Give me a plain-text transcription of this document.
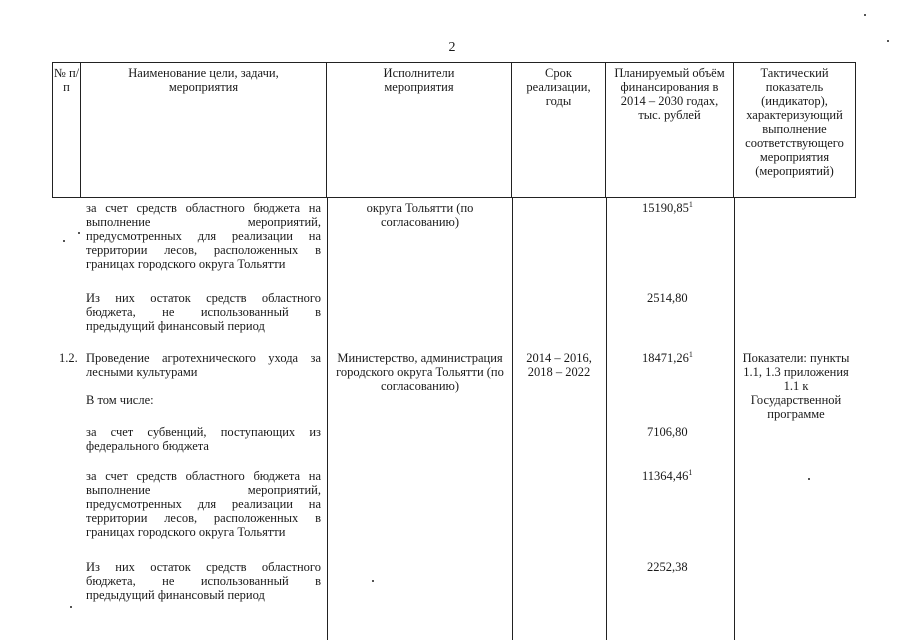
2
№ п/п
Наименование цели, задачи, мероприятия
Исполнители мероприятия
Срок реализации, годы
Планируемый объём финансирования в 2014 – 2030 годах, тыс. рублей
Тактический показатель (индикатор), характеризующий выполнение соответствующего мероприятия (мероприятий)
за счет средств областного бюджета на выполнение мероприятий, предусмотренных для реализации на территории лесов, расположенных в границах городского округа Тольятти
округа Тольятти (по согласованию)
15190,85$^1$
Из них остаток средств областного бюджета, не использованный в предыдущий финансовый период
2514,80
1.2. Проведение агротехнического ухода за лесными культурами
Министерство, администрация городского округа Тольятти (по согласованию)
2014 – 2016, 2018 – 2022
18471,26$^1$	Показатели: пункты 1.1, 1.3 приложения 1.1 к Государственной программе
В том числе:
за счет субвенций, поступающих из федерального бюджета
7106,80
за счет средств областного бюджета на выполнение мероприятий, предусмотренных для реализации на территории лесов, расположенных в границах городского округа Тольятти
11364,46$^1$
Из них остаток средств областного бюджета, не использованный в предыдущий финансовый период
2252,38
